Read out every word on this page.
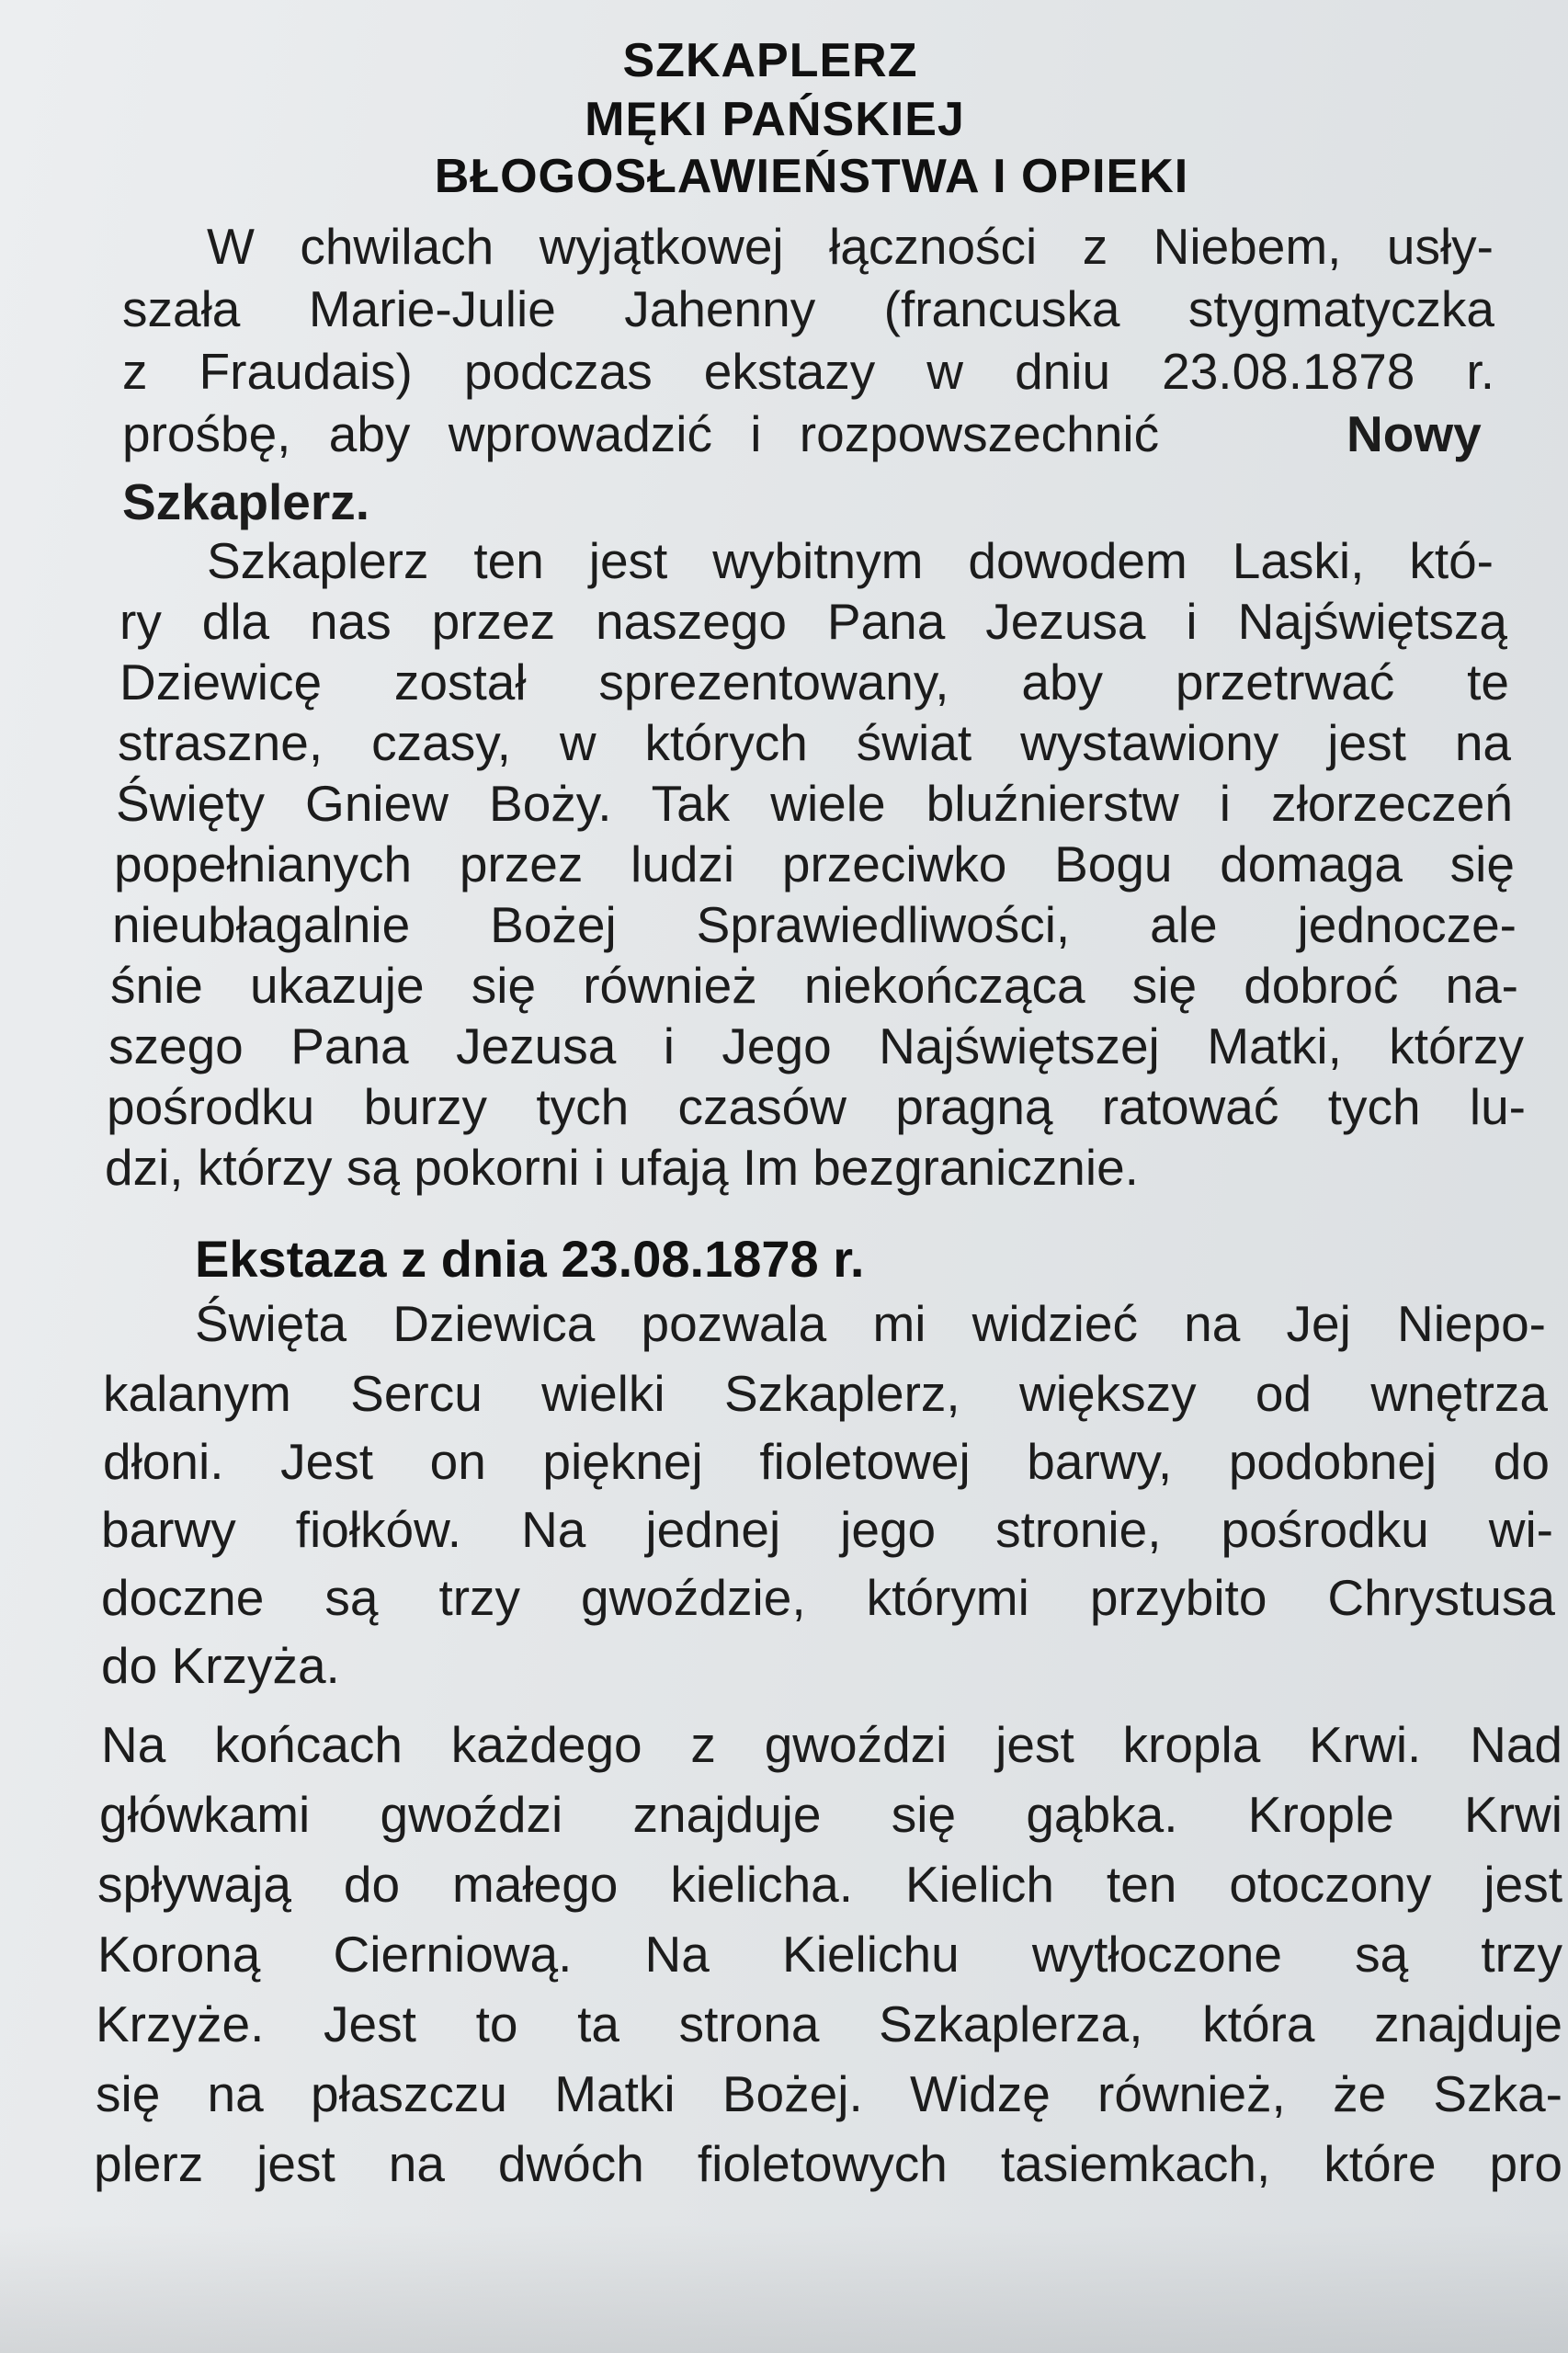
SZKAPLERZ
MĘKI PAŃSKIEJ
BŁOGOSŁAWIEŃSTWA I OPIEKI
W chwilach wyjątkowej łączności z Niebem, usły-
szała Marie-Julie Jahenny (francuska stygmatyczka
z Fraudais) podczas ekstazy w dniu 23.08.1878 r.
prośbę, aby wprowadzić i rozpowszechnić	Nowy
Szkaplerz.
Szkaplerz ten jest wybitnym dowodem Laski, któ-
ry dla nas przez naszego Pana Jezusa i Najświętszą
Dziewicę został sprezentowany, aby przetrwać te
straszne, czasy, w których świat wystawiony jest na
Święty Gniew Boży. Tak wiele bluźnierstw i złorzeczeń
popełnianych przez ludzi przeciwko Bogu domaga się
nieubłagalnie Bożej Sprawiedliwości, ale jednocze-
śnie ukazuje się również niekończąca się dobroć na-
szego Pana Jezusa i Jego Najświętszej Matki, którzy
pośrodku burzy tych czasów pragną ratować tych lu-
dzi, którzy są pokorni i ufają Im bezgranicznie.
Ekstaza z dnia 23.08.1878 r.
Święta Dziewica pozwala mi widzieć na Jej Niepo-
kalanym Sercu wielki Szkaplerz, większy od wnętrza
dłoni. Jest on pięknej fioletowej barwy, podobnej do
barwy fiołków. Na jednej jego stronie, pośrodku wi-
doczne są trzy gwoździe, którymi przybito Chrystusa
do Krzyża.
Na końcach każdego z gwoździ jest kropla Krwi. Nad
główkami gwoździ znajduje się gąbka. Krople Krwi
spływają do małego kielicha. Kielich ten otoczony jest
Koroną Cierniową. Na Kielichu wytłoczone są trzy
Krzyże. Jest to ta strona Szkaplerza, która znajduje
się na płaszczu Matki Bożej. Widzę również, że Szka-
plerz jest na dwóch fioletowych tasiemkach, które pro
